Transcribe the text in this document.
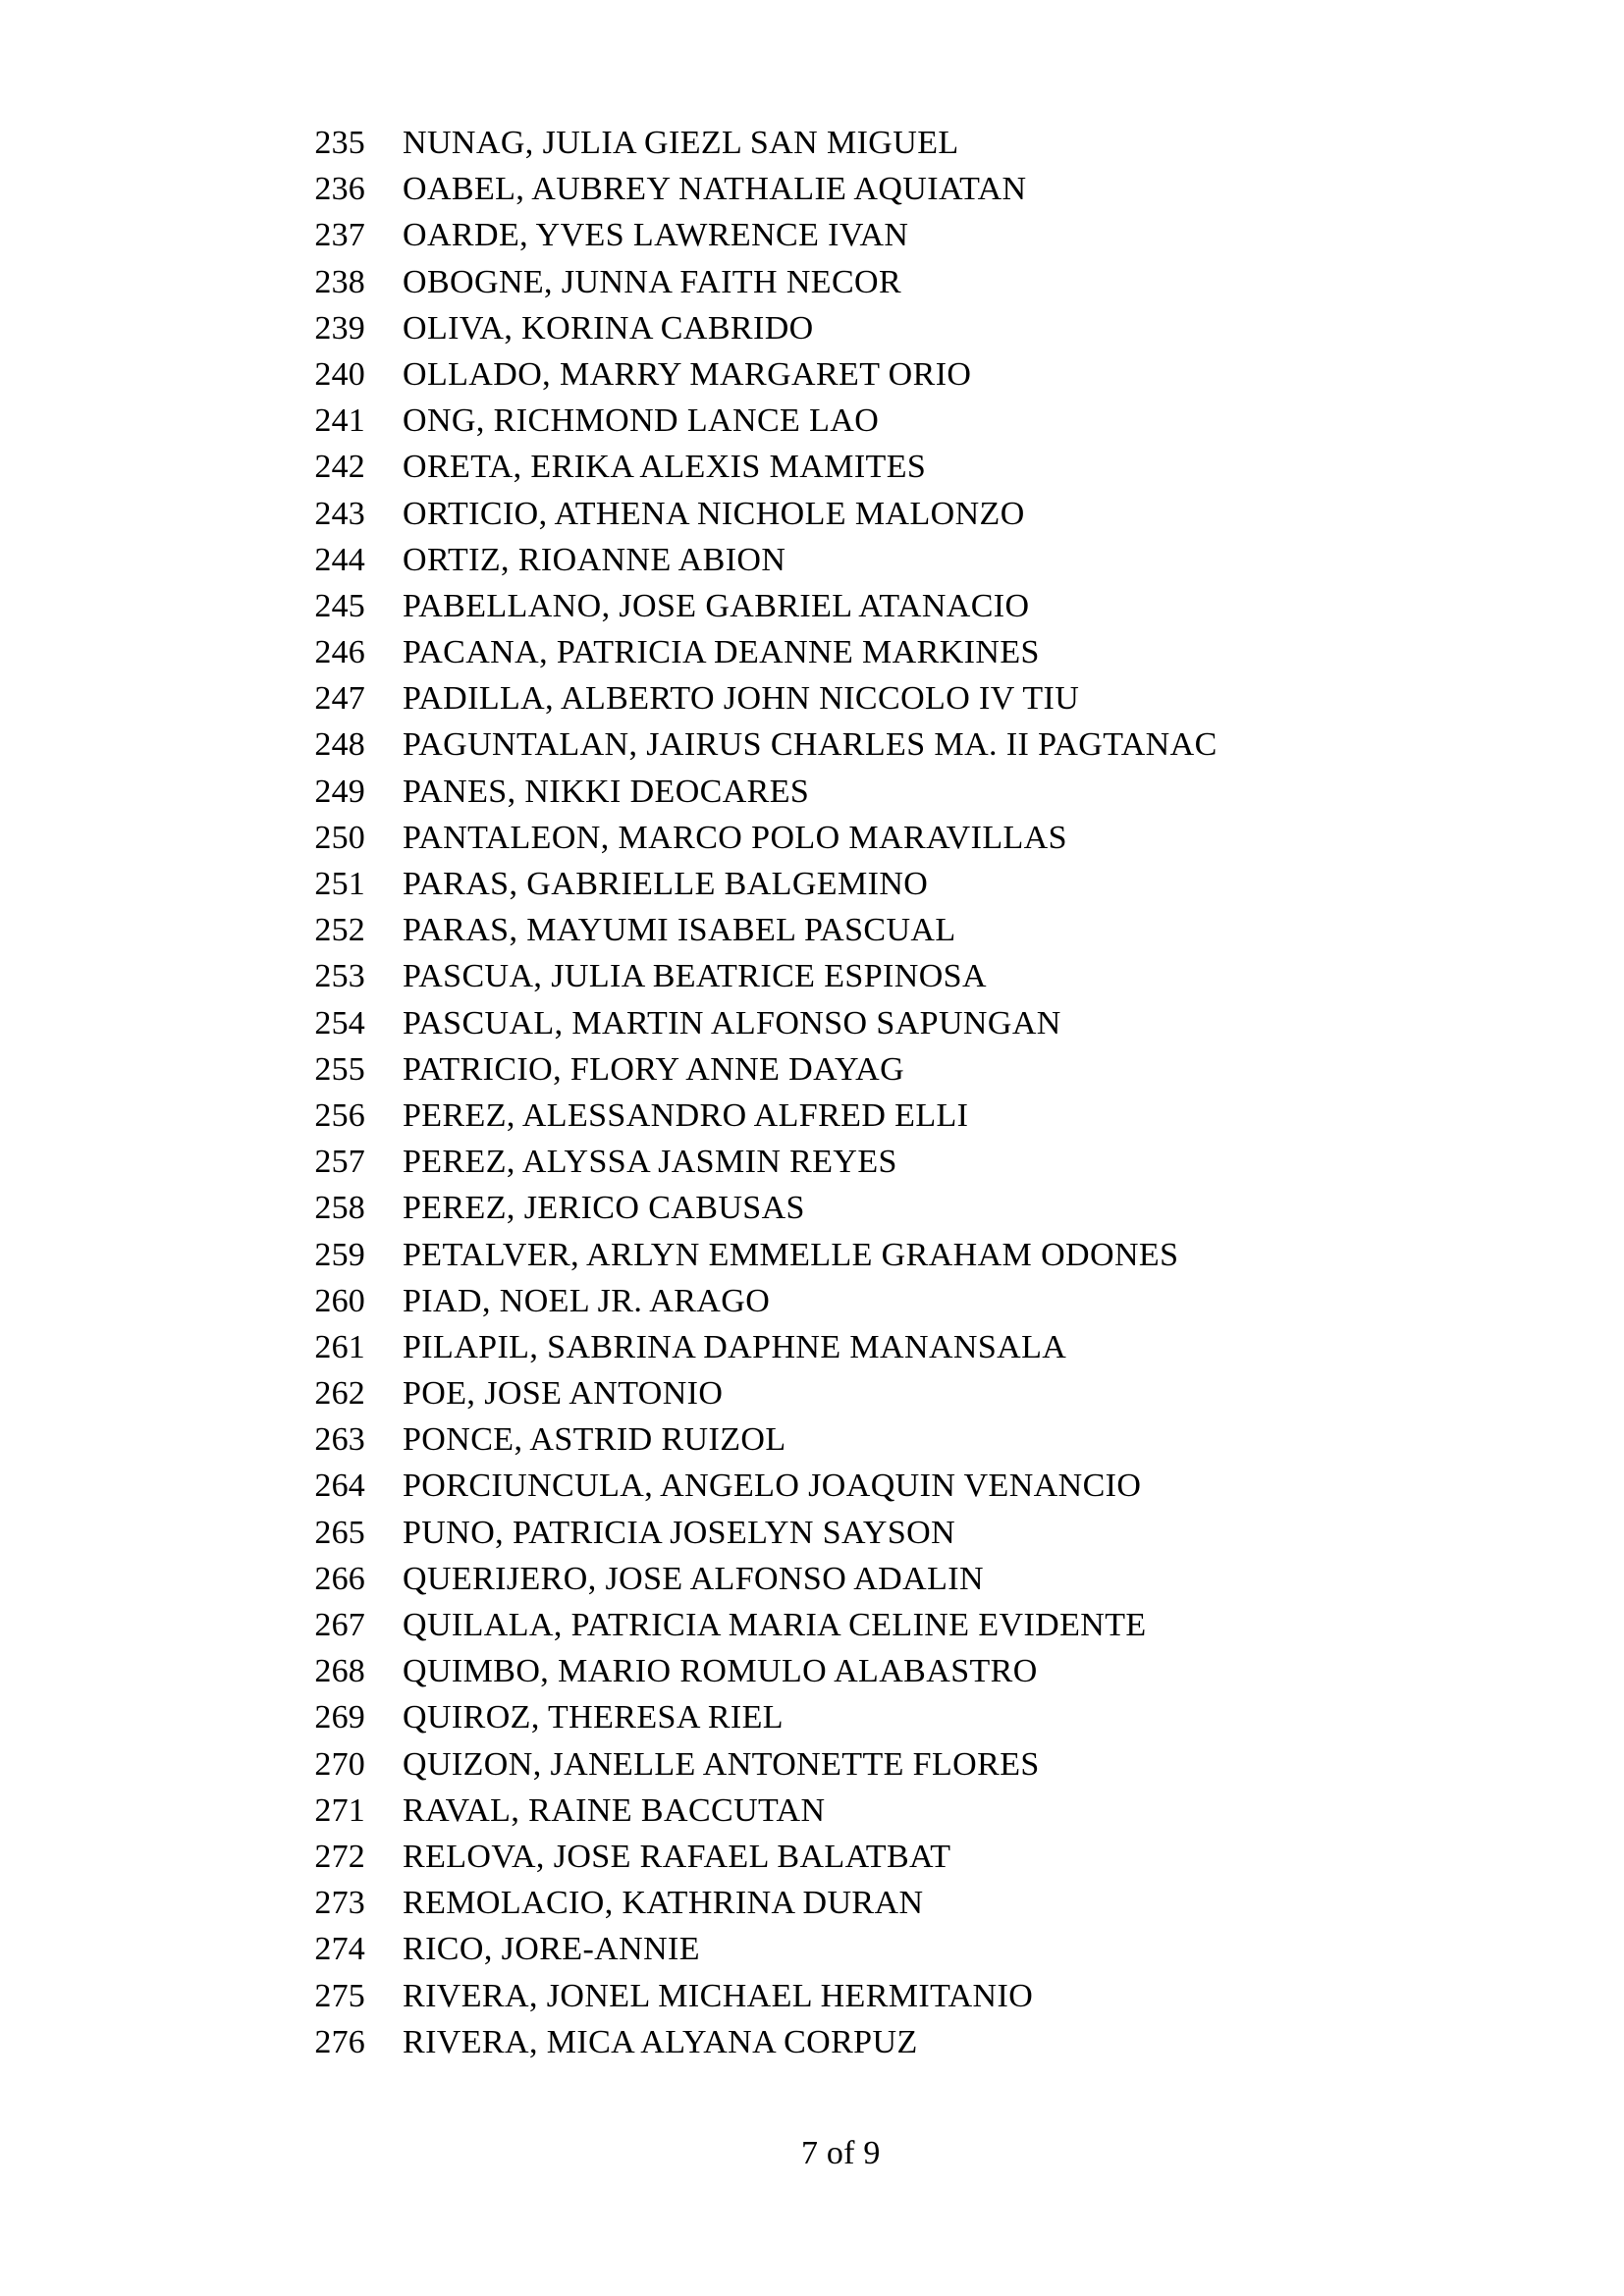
235 NUNAG, JULIA GIEZL SAN MIGUEL
236 OABEL, AUBREY NATHALIE AQUIATAN
237 OARDE, YVES LAWRENCE IVAN
238 OBOGNE, JUNNA FAITH NECOR
239 OLIVA, KORINA CABRIDO
240 OLLADO, MARRY MARGARET ORIO
241 ONG, RICHMOND LANCE LAO
242 ORETA, ERIKA ALEXIS MAMITES
243 ORTICIO, ATHENA NICHOLE MALONZO
244 ORTIZ, RIOANNE ABION
245 PABELLANO, JOSE GABRIEL ATANACIO
246 PACANA, PATRICIA DEANNE MARKINES
247 PADILLA, ALBERTO JOHN NICCOLO IV TIU
248 PAGUNTALAN, JAIRUS CHARLES MA. II PAGTANAC
249 PANES, NIKKI DEOCARES
250 PANTALEON, MARCO POLO MARAVILLAS
251 PARAS, GABRIELLE BALGEMINO
252 PARAS, MAYUMI ISABEL PASCUAL
253 PASCUA, JULIA BEATRICE ESPINOSA
254 PASCUAL, MARTIN ALFONSO SAPUNGAN
255 PATRICIO, FLORY ANNE DAYAG
256 PEREZ, ALESSANDRO ALFRED ELLI
257 PEREZ, ALYSSA JASMIN REYES
258 PEREZ, JERICO CABUSAS
259 PETALVER, ARLYN EMMELLE GRAHAM ODONES
260 PIAD, NOEL JR. ARAGO
261 PILAPIL, SABRINA DAPHNE MANANSALA
262 POE, JOSE ANTONIO
263 PONCE, ASTRID RUIZOL
264 PORCIUNCULA, ANGELO JOAQUIN VENANCIO
265 PUNO, PATRICIA JOSELYN SAYSON
266 QUERIJERO, JOSE ALFONSO ADALIN
267 QUILALA, PATRICIA MARIA CELINE EVIDENTE
268 QUIMBO, MARIO ROMULO ALABASTRO
269 QUIROZ, THERESA RIEL
270 QUIZON, JANELLE ANTONETTE FLORES
271 RAVAL, RAINE BACCUTAN
272 RELOVA, JOSE RAFAEL BALATBAT
273 REMOLACIO, KATHRINA DURAN
274 RICO, JORE-ANNIE
275 RIVERA, JONEL MICHAEL HERMITANIO
276 RIVERA, MICA ALYANA CORPUZ
7 of 9
